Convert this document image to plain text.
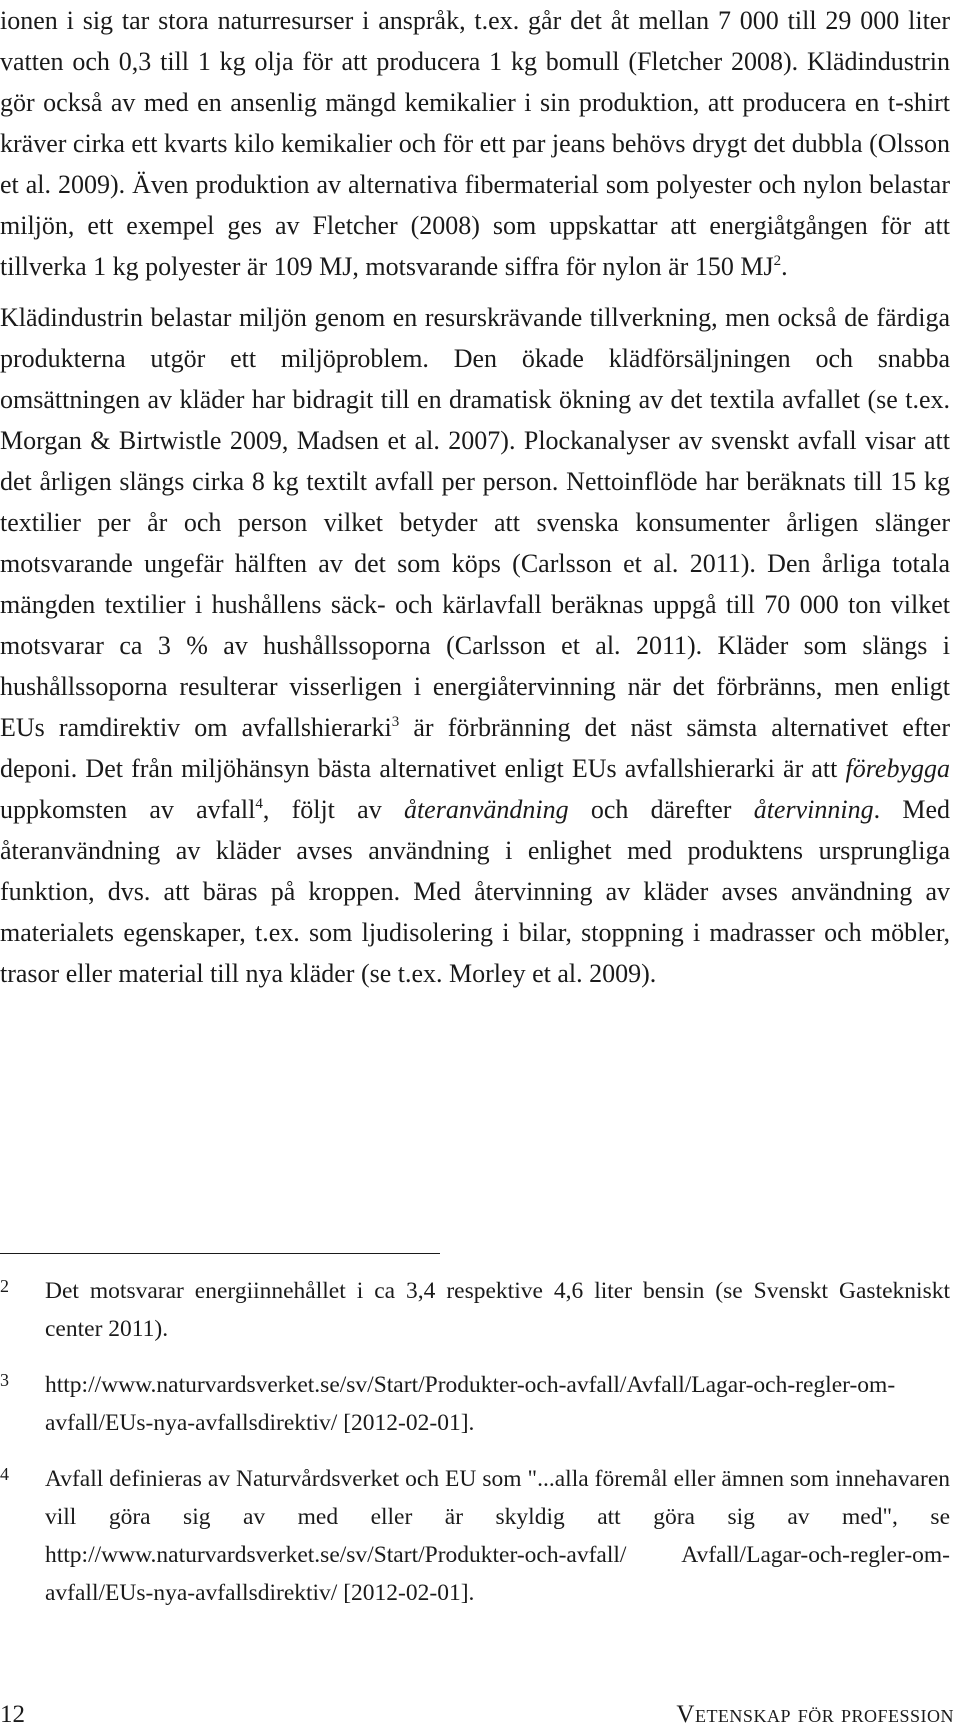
ionen i sig tar stora naturresurser i anspråk, t.ex. går det åt mellan 7 000 till 29 000 liter vatten och 0,3 till 1 kg olja för att producera 1 kg bomull (Fletcher 2008). Klädindustrin gör också av med en ansenlig mängd kemikalier i sin produktion, att producera en t-shirt kräver cirka ett kvarts kilo kemikalier och för ett par jeans behövs drygt det dubbla (Olsson et al. 2009). Även produktion av alternativa fibermaterial som polyester och nylon belastar miljön, ett exempel ges av Fletcher (2008) som uppskattar att energiåtgången för att tillverka 1 kg polyester är 109 MJ, motsvarande siffra för nylon är 150 $MJ^2$.

Klädindustrin belastar miljön genom en resurskrävande tillverkning, men också de färdiga produkterna utgör ett miljöproblem. Den ökade klädförsäljningen och snabba omsättningen av kläder har bidragit till en dramatisk ökning av det textila avfallet (se t.ex. Morgan & Birtwistle 2009, Madsen et al. 2007). Plockanalyser av svenskt avfall visar att det årligen slängs cirka 8 kg textilt avfall per person. Nettoinflöde har beräknats till 15 kg textilier per år och person vilket betyder att svenska konsumenter årligen slänger motsvarande ungefär hälften av det som köps (Carlsson et al. 2011). Den årliga totala mängden textilier i hushållens säck- och kärlavfall beräknas uppgå till 70 000 ton vilket motsvarar ca 3 % av hushållssoporna (Carlsson et al. 2011). Kläder som slängs i hushållssoporna resulterar visserligen i energiåtervinning när det förbränns, men enligt EUs ramdirektiv om avfallshierarki$^3$ är förbränning det näst sämsta alternativet efter deponi. Det från miljöhänsyn bästa alternativet enligt EUs avfallshierarki är att förebygga uppkomsten av avfall$^4$, följt av återanvändning och därefter återvinning. Med återanvändning av kläder avses användning i enlighet med produktens ursprungliga funktion, dvs. att bäras på kroppen. Med återvinning av kläder avses användning av materialets egenskaper, t.ex. som ljudisolering i bilar, stoppning i madrasser och möbler, trasor eller material till nya kläder (se t.ex. Morley et al. 2009).

2	Det motsvarar energiinnehållet i ca 3,4 respektive 4,6 liter bensin (se Svenskt Gastekniskt center 2011).
3	http://www.naturvardsverket.se/sv/Start/Produkter-och-avfall/Avfall/Lagar-och-regler-om-avfall/EUs-nya-avfallsdirektiv/ [2012-02-01].
4	Avfall definieras av Naturvårdsverket och EU som "...alla föremål eller ämnen som innehavaren vill göra sig av med eller är skyldig att göra sig av med", se http://www.naturvardsverket.se/sv/Start/Produkter-och-avfall/ Avfall/Lagar-och-regler-om-avfall/EUs-nya-avfallsdirektiv/ [2012-02-01].
12	Vetenskap för profession
